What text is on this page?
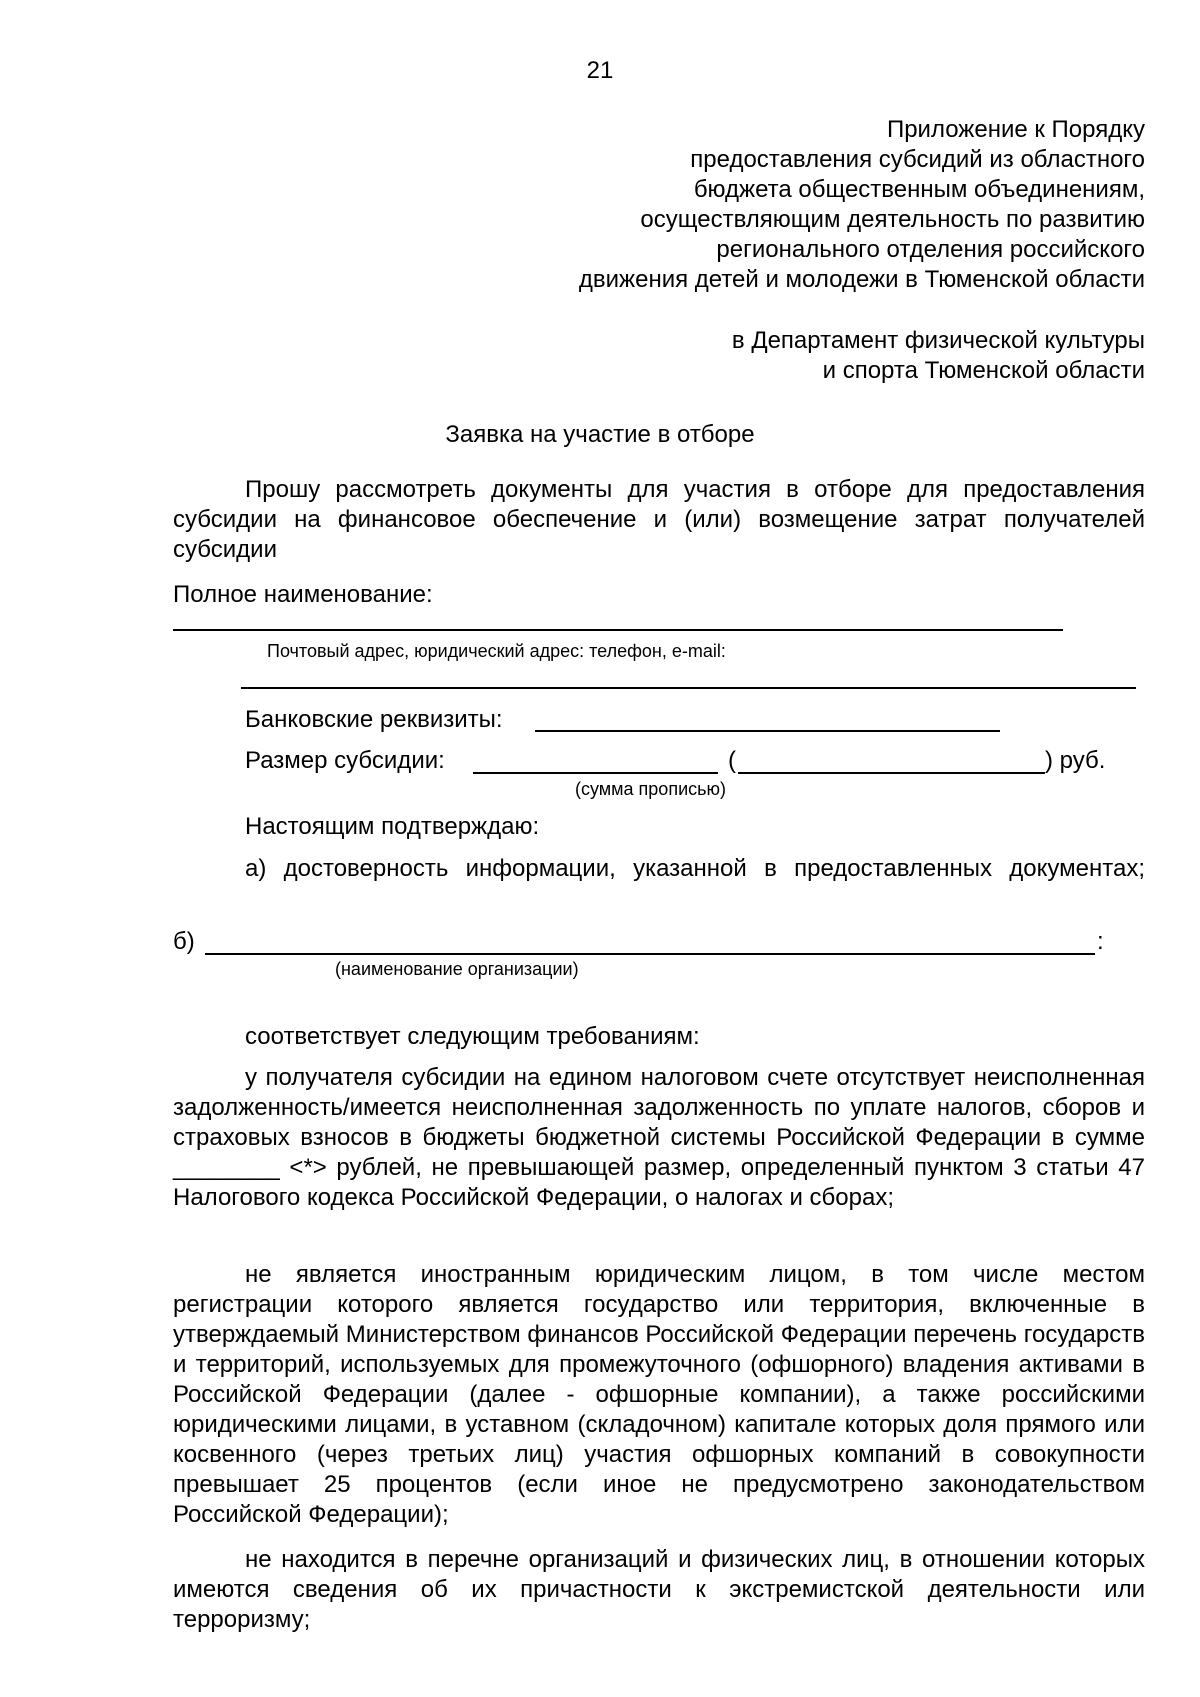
21
Приложение к Порядку
предоставления субсидий из областного
бюджета общественным объединениям,
осуществляющим деятельность по развитию
регионального отделения российского
движения детей и молодежи в Тюменской области
в Департамент физической культуры
и спорта Тюменской области
Заявка на участие в отборе
Прошу рассмотреть документы для участия в отборе для предоставления субсидии на финансовое обеспечение и (или) возмещение затрат получателей субсидии
Полное наименование:
Почтовый адрес, юридический адрес: телефон, e-mail:
Банковские реквизиты:
Размер субсидии:	(	) руб.
(сумма прописью)
Настоящим подтверждаю:
а) достоверность информации, указанной в предоставленных документах;
б)	:
(наименование организации)
соответствует следующим требованиям:
у получателя субсидии на едином налоговом счете отсутствует неисполненная задолженность/имеется неисполненная задолженность по уплате налогов, сборов и страховых взносов в бюджеты бюджетной системы Российской Федерации в сумме ________ <*> рублей, не превышающей размер, определенный пунктом 3 статьи 47 Налогового кодекса Российской Федерации, о налогах и сборах;
не является иностранным юридическим лицом, в том числе местом регистрации которого является государство или территория, включенные в утверждаемый Министерством финансов Российской Федерации перечень государств и территорий, используемых для промежуточного (офшорного) владения активами в Российской Федерации (далее - офшорные компании), а также российскими юридическими лицами, в уставном (складочном) капитале которых доля прямого или косвенного (через третьих лиц) участия офшорных компаний в совокупности превышает 25 процентов (если иное не предусмотрено законодательством Российской Федерации);
не находится в перечне организаций и физических лиц, в отношении которых имеются сведения об их причастности к экстремистской деятельности или терроризму;
